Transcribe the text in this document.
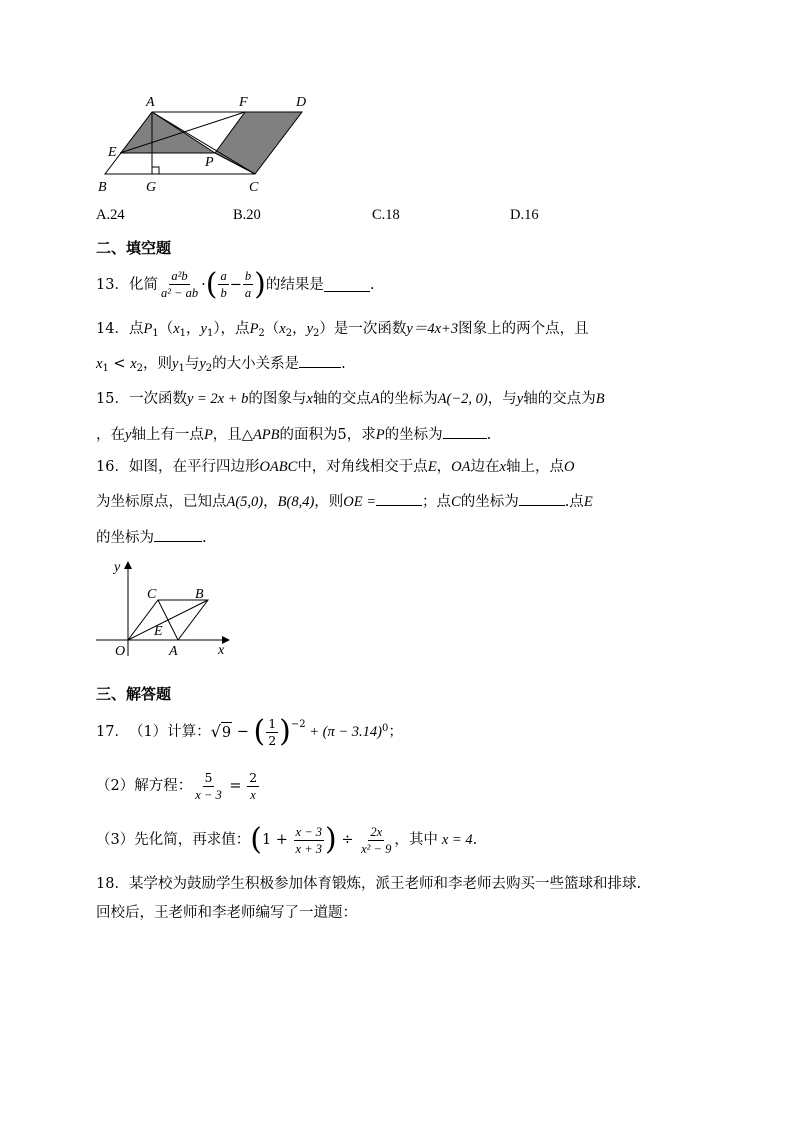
A	F	D
E
P
B	G	C
A.24	B.20	C.18	D.16
二、填空题
13． 化简 $\frac{\text{a²b}}{\text{a² − ab}}$ · ( $\frac{a}{b} - \frac{b}{a}$ ) 的结果是	.
14．点$P_1(x_1$，$y_1$），点$P_2(x_2$，$y_2$）是一次函数y＝4x+3图象上的两个点，且
$x_1 < x_2$，则$y_1$与$y_2$的大小关系是	.
15．一次函数y = 2x + b的图象与x轴的交点A的坐标为A(−2, 0)，与y轴的交点为B
，在y轴上有一点P，且△APB的面积为5，求P的坐标为	.
16．如图，在平行四边形OABC中，对角线相交于点E，OA边在x轴上，点O
为坐标原点，已知点A(5,0)，B(8,4)，则OE =	；点C的坐标为	.点E
的坐标为	.
y
C	B
E
O	A	x
三、解答题
17． （1）计算： √ 9 − ( $\frac{1}{2}$ ) −2 + (π − 3.14) 0 ；
（2）解方程： $\frac{5}{x - 3} = \frac{2}{x}$
（3）先化简，再求值： ( $1 + \frac{x - 3}{x + 3}$ ) ÷ $\frac{2x}{\text{x² − 9}}$ ，其中 x = 4 .
18．某学校为鼓励学生积极参加体育锻炼，派王老师和李老师去购买一些篮球和排球.
回校后，王老师和李老师编写了一道题：
